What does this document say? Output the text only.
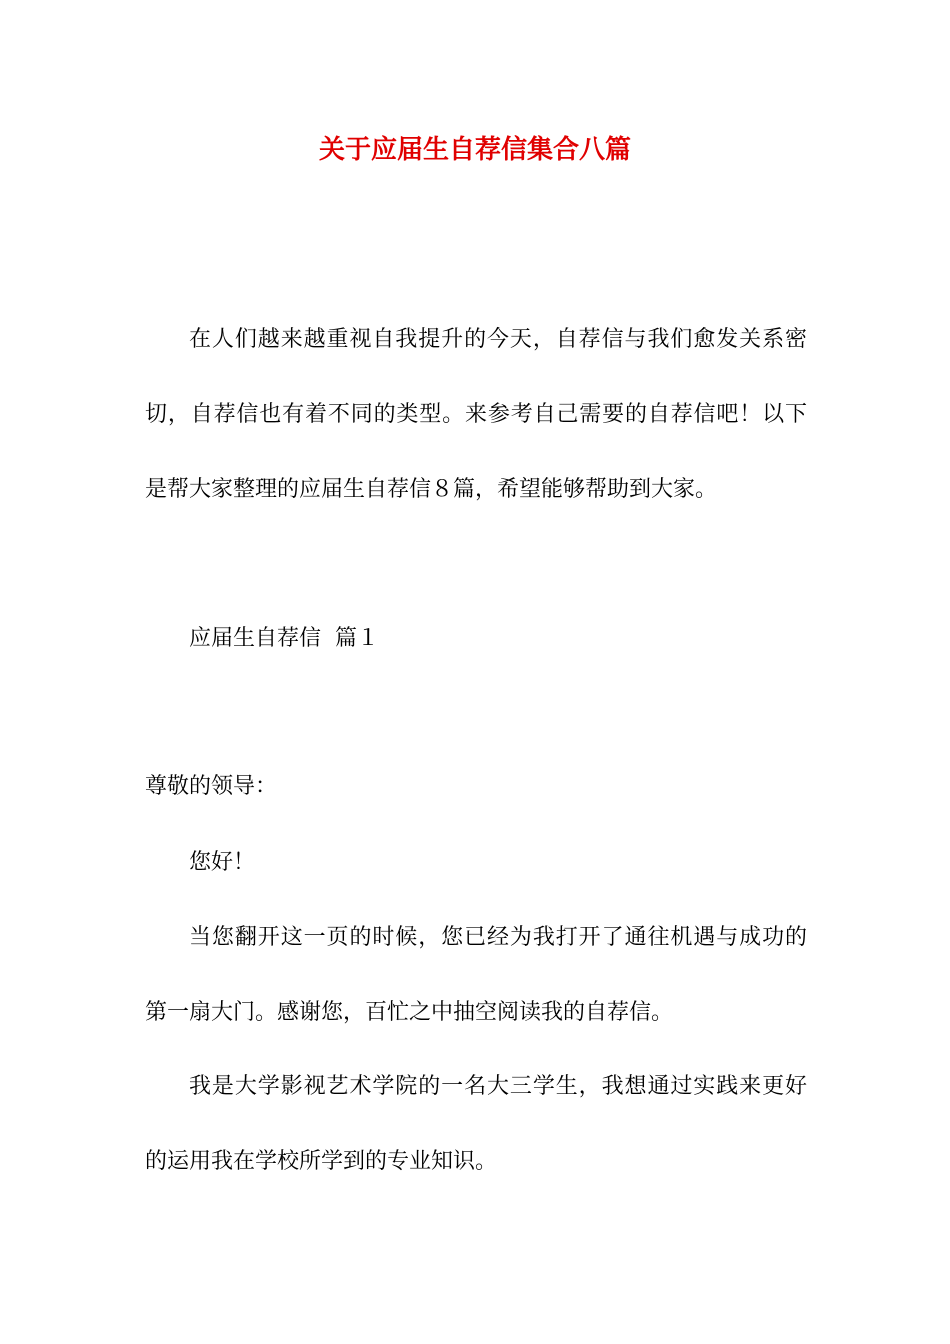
关于应届生自荐信集合八篇

在人们越来越重视自我提升的今天，自荐信与我们愈发关系密

切，自荐信也有着不同的类型。来参考自己需要的自荐信吧！以下

是帮大家整理的应届生自荐信８篇，希望能够帮助到大家。

应届生自荐信  篇１

尊敬的领导：

您好！

当您翻开这一页的时候，您已经为我打开了通往机遇与成功的

第一扇大门。感谢您，百忙之中抽空阅读我的自荐信。

我是大学影视艺术学院的一名大三学生，我想通过实践来更好

的运用我在学校所学到的专业知识。
